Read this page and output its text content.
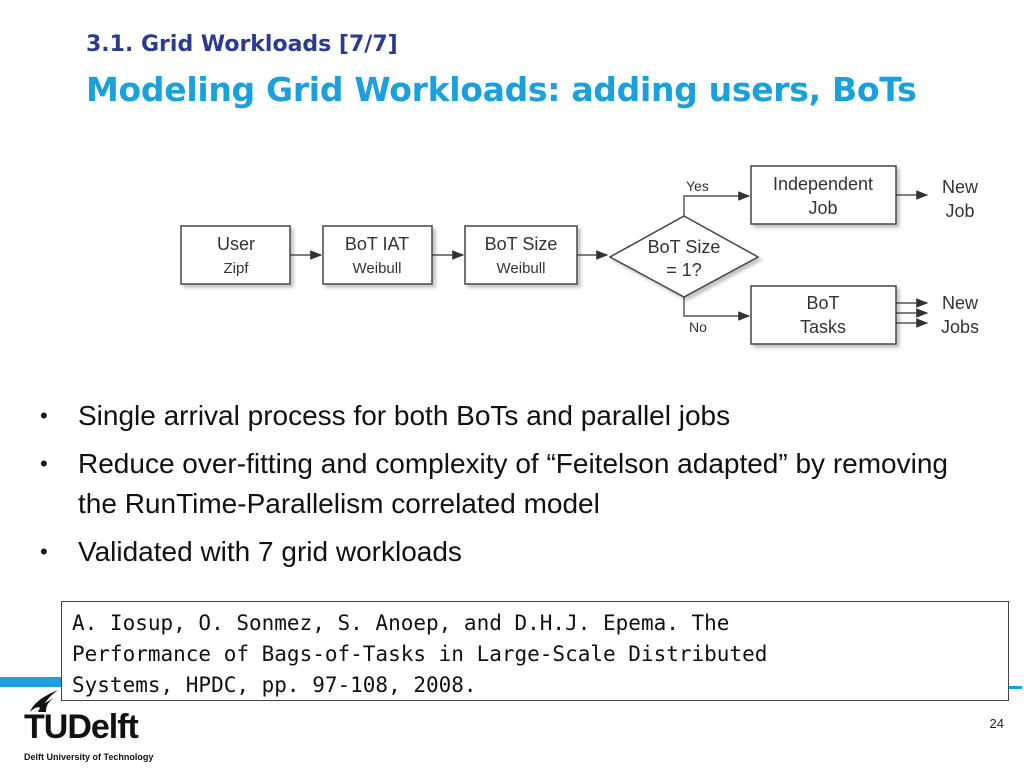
3.1. Grid Workloads [7/7]
Modeling Grid Workloads: adding users, BoTs
User
Zipf
BoT IAT
Weibull
BoT Size
Weibull
BoT Size
= 1?
Yes
No
Independent
Job
New
Job
BoT
Tasks
New
Jobs
• Single arrival process for both BoTs and parallel jobs
• Reduce over-fitting and complexity of “Feitelson adapted” by removing the RunTime-Parallelism correlated model
• Validated with 7 grid workloads
A. Iosup, O. Sonmez, S. Anoep, and D.H.J. Epema. The
Performance of Bags-of-Tasks in Large-Scale Distributed
Systems, HPDC, pp. 97-108, 2008.
TUDelft
Delft University of Technology
24
